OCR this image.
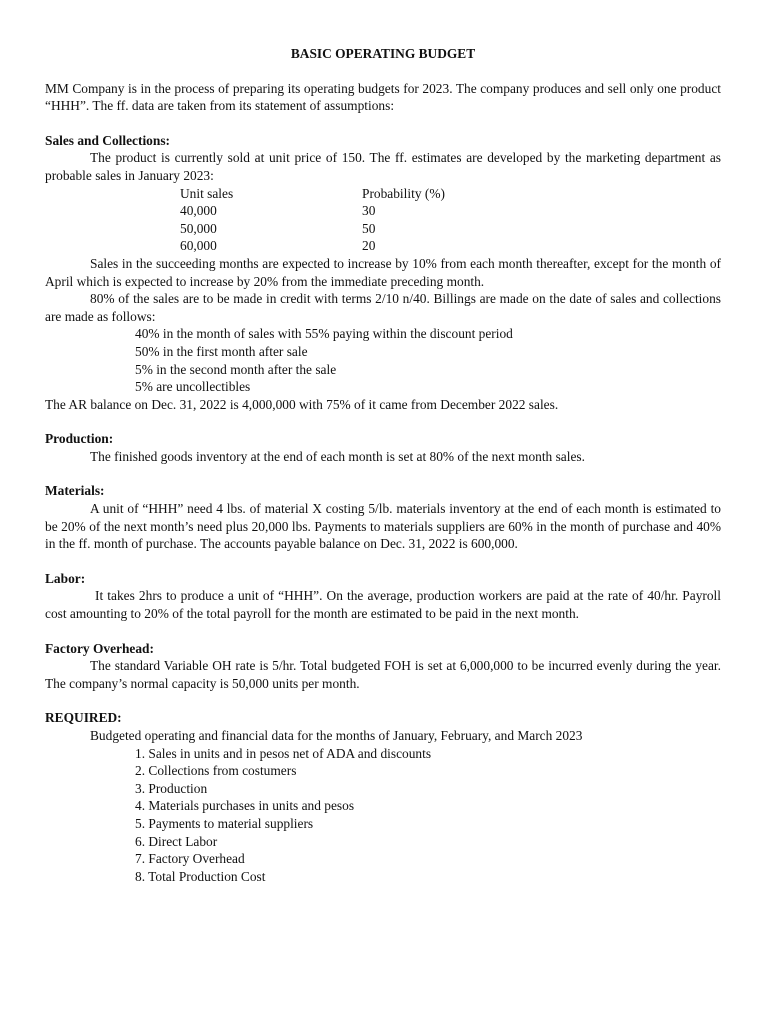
BASIC OPERATING BUDGET

MM Company is in the process of preparing its operating budgets for 2023. The company produces and sell only one product “HHH”. The ff. data are taken from its statement of assumptions:

Sales and Collections:

The product is currently sold at unit price of 150. The ff. estimates are developed by the marketing department as probable sales in January 2023:

Unit sales	Probability (%)
40,000	30
50,000	50
60,000	20

Sales in the succeeding months are expected to increase by 10% from each month thereafter, except for the month of April which is expected to increase by 20% from the immediate preceding month.

80% of the sales are to be made in credit with terms 2/10 n/40. Billings are made on the date of sales and collections are made as follows:

40% in the month of sales with 55% paying within the discount period
50% in the first month after sale
5% in the second month after the sale
5% are uncollectibles

The AR balance on Dec. 31, 2022 is 4,000,000 with 75% of it came from December 2022 sales.

Production:

The finished goods inventory at the end of each month is set at 80% of the next month sales.

Materials:

A unit of “HHH” need 4 lbs. of material X costing 5/lb. materials inventory at the end of each month is estimated to be 20% of the next month’s need plus 20,000 lbs. Payments to materials suppliers are 60% in the month of purchase and 40% in the ff. month of purchase. The accounts payable balance on Dec. 31, 2022 is 600,000.

Labor:

It takes 2hrs to produce a unit of “HHH”. On the average, production workers are paid at the rate of 40/hr. Payroll cost amounting to 20% of the total payroll for the month are estimated to be paid in the next month.

Factory Overhead:

The standard Variable OH rate is 5/hr. Total budgeted FOH is set at 6,000,000 to be incurred evenly during the year. The company’s normal capacity is 50,000 units per month.

REQUIRED:

Budgeted operating and financial data for the months of January, February, and March 2023

1. Sales in units and in pesos net of ADA and discounts
2. Collections from costumers
3. Production
4. Materials purchases in units and pesos
5. Payments to material suppliers
6. Direct Labor
7. Factory Overhead
8. Total Production Cost
